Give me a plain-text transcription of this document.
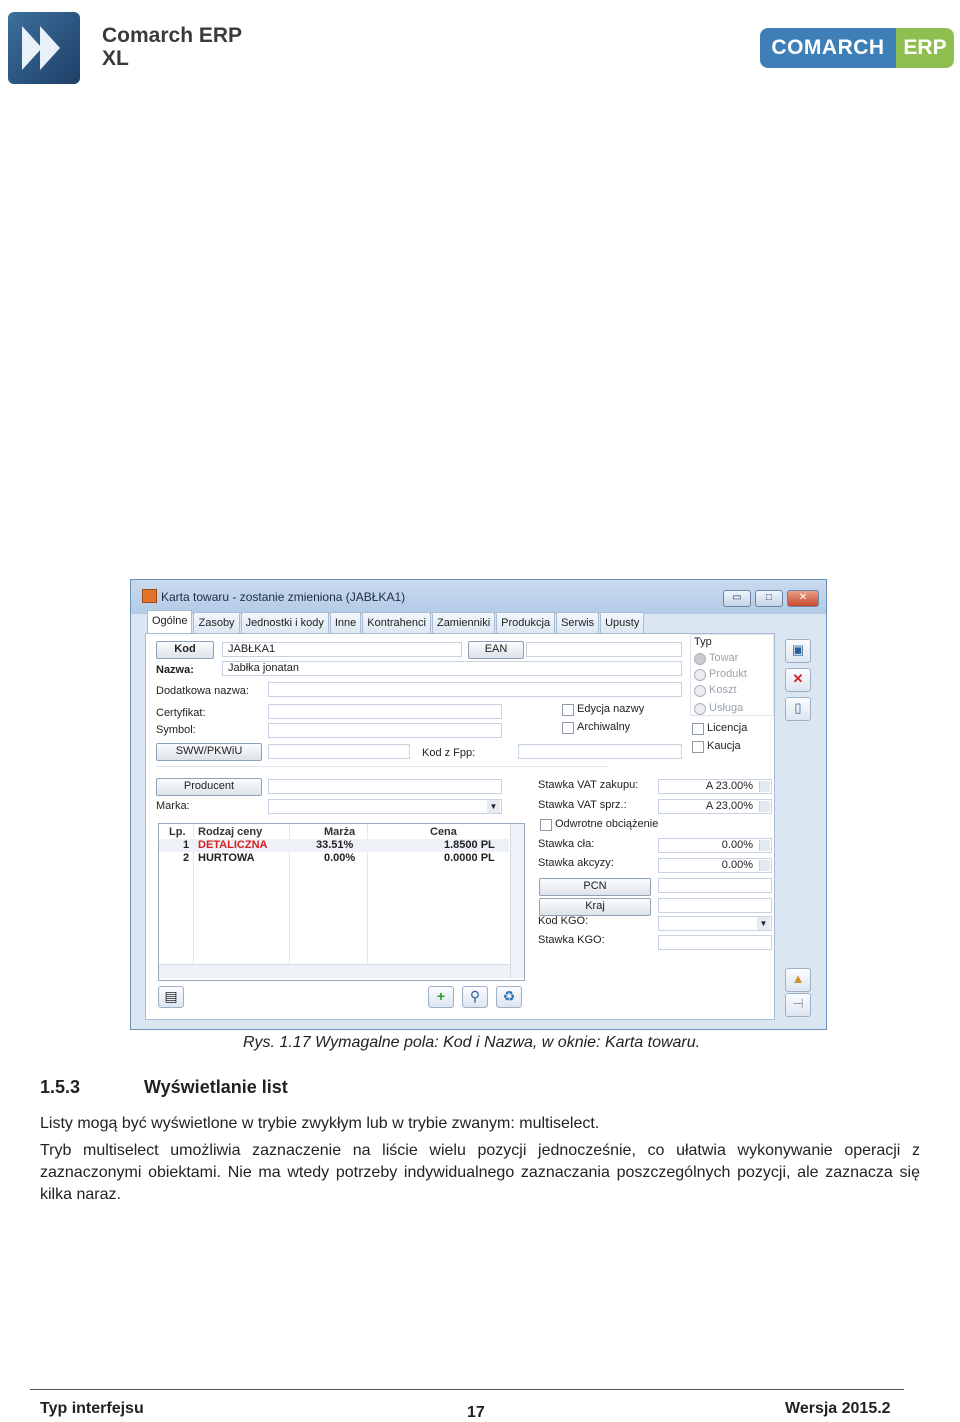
Comarch ERP
XL	COMARCH ERP
Karta towaru - zostanie zmieniona (JABŁKA1)	▭	□	✕
Ogólne	Zasoby	Jednostki i kody	Inne	Kontrahenci	Zamienniki	Produkcja	Serwis	Upusty
Kod	JABŁKA1	EAN
Nazwa:	Jabłka jonatan
Dodatkowa nazwa:
Certyfikat:
Symbol:
Edycja nazwy
Archiwalny
SWW/PKWiU	Kod z Fpp:
Typ
Towar
Produkt
Koszt
Usługa
Licencja
Kaucja
Producent
Marka:	▼
Lp. Rodzaj ceny	Marża	Cena
1 DETALICZNA	33.51%	1.8500 PL
2 HURTOWA	0.00%	0.0000 PL
Stawka VAT zakupu:	A 23.00%
Stawka VAT sprz.:	A 23.00%
Odwrotne obciążenie
Stawka cła:	0.00%
Stawka akcyzy:	0.00%
PCN
Kraj
Kod KGO:	▼
Stawka KGO:
▤	+	⚲	♻
▣
✕
▯
▲
⊣
Rys. 1.17 Wymagalne pola: Kod i Nazwa, w oknie: Karta towaru.
1.5.3	Wyświetlanie list
Listy mogą być wyświetlone w trybie zwykłym lub w trybie zwanym: multiselect.
Tryb multiselect umożliwia zaznaczenie na liście wielu pozycji jednocześnie, co ułatwia wykonywanie operacji z zaznaczonymi obiektami. Nie ma wtedy potrzeby indywidualnego zaznaczania poszczególnych pozycji, ale zaznacza się kilka naraz.
Typ interfejsu	17	Wersja 2015.2
